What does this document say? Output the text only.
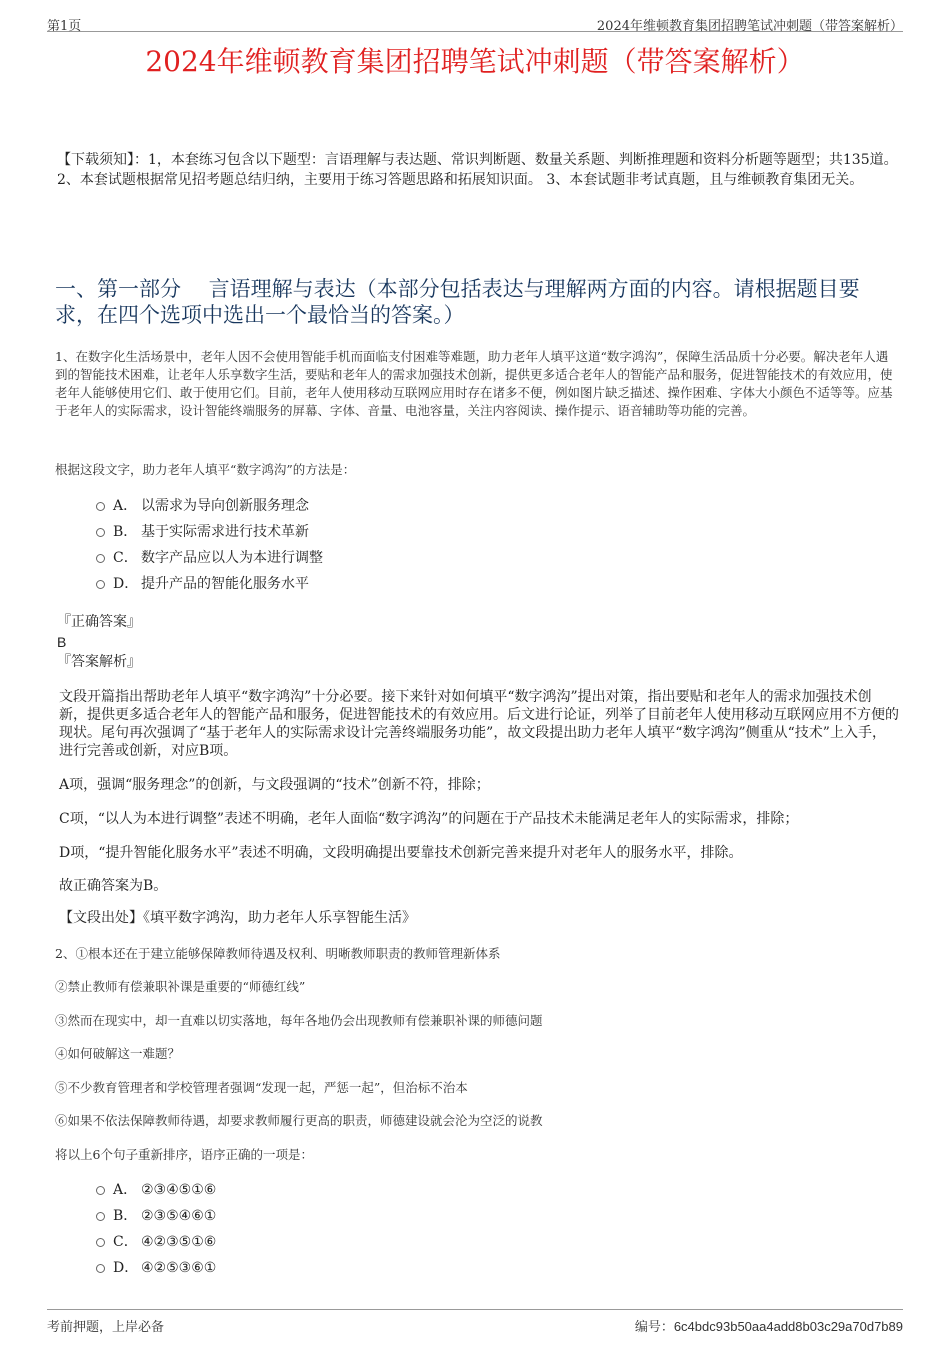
第1页	2024年维顿教育集团招聘笔试冲刺题（带答案解析）
2024年维顿教育集团招聘笔试冲刺题（带答案解析）
【下载须知】：1，本套练习包含以下题型：言语理解与表达题、常识判断题、数量关系题、判断推理题和资料分析题等题型；共135道。 2、本套试题根据常见招考题总结归纳，主要用于练习答题思路和拓展知识面。 3、本套试题非考试真题，且与维顿教育集团无关。
一、第一部分　 言语理解与表达（本部分包括表达与理解两方面的内容。请根据题目要求，在四个选项中选出一个最恰当的答案。）
1、在数字化生活场景中，老年人因不会使用智能手机而面临支付困难等难题，助力老年人填平这道“数字鸿沟”，保障生活品质十分必要。解决老年人遇到的智能技术困难，让老年人乐享数字生活，要贴和老年人的需求加强技术创新，提供更多适合老年人的智能产品和服务，促进智能技术的有效应用，使老年人能够使用它们、敢于使用它们。目前，老年人使用移动互联网应用时存在诸多不便，例如图片缺乏描述、操作困难、字体大小颜色不适等等。应基于老年人的实际需求，设计智能终端服务的屏幕、字体、音量、电池容量，关注内容阅读、操作提示、语音辅助等功能的完善。
根据这段文字，助力老年人填平“数字鸿沟”的方法是：
A． 以需求为导向创新服务理念
B． 基于实际需求进行技术革新
C． 数字产品应以人为本进行调整
D． 提升产品的智能化服务水平
『正确答案』
B
『答案解析』
文段开篇指出帮助老年人填平“数字鸿沟”十分必要。接下来针对如何填平“数字鸿沟”提出对策，指出要贴和老年人的需求加强技术创新，提供更多适合老年人的智能产品和服务，促进智能技术的有效应用。后文进行论证，列举了目前老年人使用移动互联网应用不方便的现状。尾句再次强调了“基于老年人的实际需求设计完善终端服务功能”，故文段提出助力老年人填平“数字鸿沟”侧重从“技术”上入手，进行完善或创新，对应B项。
A项，强调“服务理念”的创新，与文段强调的“技术”创新不符，排除；
C项，“以人为本进行调整”表述不明确，老年人面临“数字鸿沟”的问题在于产品技术未能满足老年人的实际需求，排除；
D项，“提升智能化服务水平”表述不明确，文段明确提出要靠技术创新完善来提升对老年人的服务水平，排除。
故正确答案为B。
【文段出处】《填平数字鸿沟，助力老年人乐享智能生活》
2、①根本还在于建立能够保障教师待遇及权利、明晰教师职责的教师管理新体系
②禁止教师有偿兼职补课是重要的“师德红线”
③然而在现实中，却一直难以切实落地，每年各地仍会出现教师有偿兼职补课的师德问题
④如何破解这一难题？
⑤不少教育管理者和学校管理者强调“发现一起，严惩一起”，但治标不治本
⑥如果不依法保障教师待遇，却要求教师履行更高的职责，师德建设就会沦为空泛的说教
将以上6个句子重新排序，语序正确的一项是：
A． ②③④⑤①⑥
B． ②③⑤④⑥①
C． ④②③⑤①⑥
D． ④②⑤③⑥①
考前押题，上岸必备	编号：6c4bdc93b50aa4add8b03c29a70d7b89
